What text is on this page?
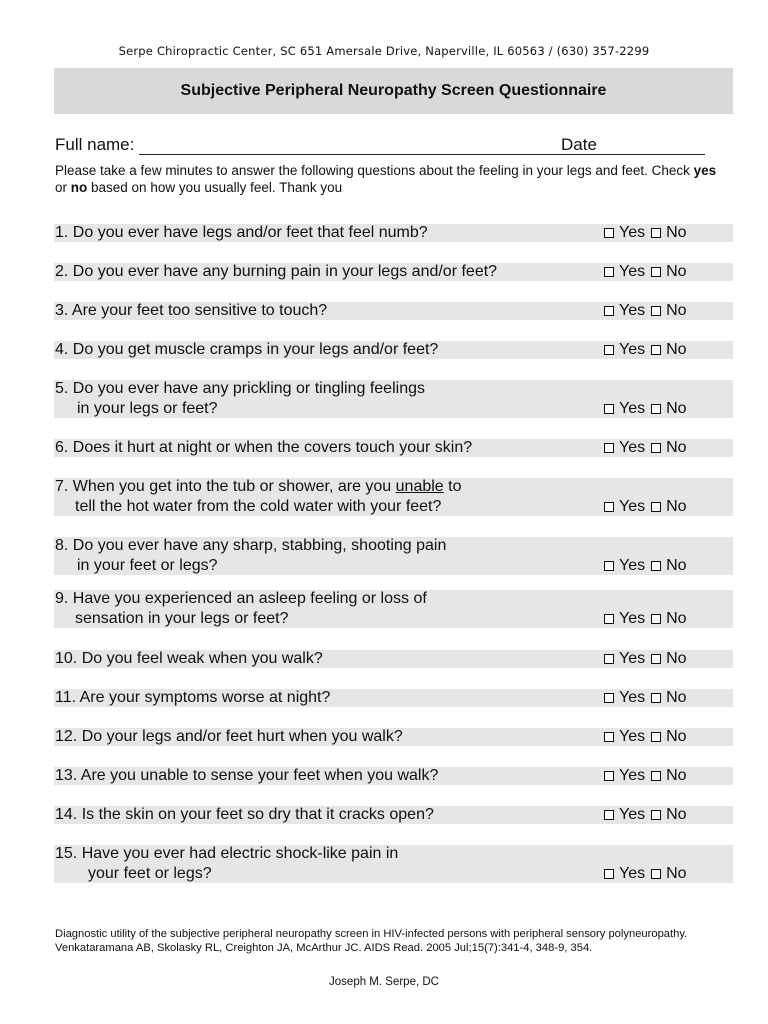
Serpe Chiropractic Center, SC 651 Amersale Drive, Naperville, IL 60563 / (630) 357-2299
Subjective Peripheral Neuropathy Screen Questionnaire
Full name:	Date
Please take a few minutes to answer the following questions about the feeling in your legs and feet. Check yes or no based on how you usually feel. Thank you
1. Do you ever have legs and/or feet that feel numb?	Yes No
2. Do you ever have any burning pain in your legs and/or feet?	Yes No
3. Are your feet too sensitive to touch?	Yes No
4. Do you get muscle cramps in your legs and/or feet?	Yes No
5. Do you ever have any prickling or tingling feelings
in your legs or feet?	Yes No
6. Does it hurt at night or when the covers touch your skin?	Yes No
7. When you get into the tub or shower, are you unable to
tell the hot water from the cold water with your feet?	Yes No
8. Do you ever have any sharp, stabbing, shooting pain
in your feet or legs?	Yes No
9. Have you experienced an asleep feeling or loss of
sensation in your legs or feet?	Yes No
10. Do you feel weak when you walk?	Yes No
11. Are your symptoms worse at night?	Yes No
12. Do your legs and/or feet hurt when you walk?	Yes No
13. Are you unable to sense your feet when you walk?	Yes No
14. Is the skin on your feet so dry that it cracks open?	Yes No
15. Have you ever had electric shock-like pain in
your feet or legs?	Yes No
Diagnostic utility of the subjective peripheral neuropathy screen in HIV-infected persons with peripheral sensory polyneuropathy. Venkataramana AB, Skolasky RL, Creighton JA, McArthur JC. AIDS Read. 2005 Jul;15(7):341-4, 348-9, 354.
Joseph M. Serpe, DC
